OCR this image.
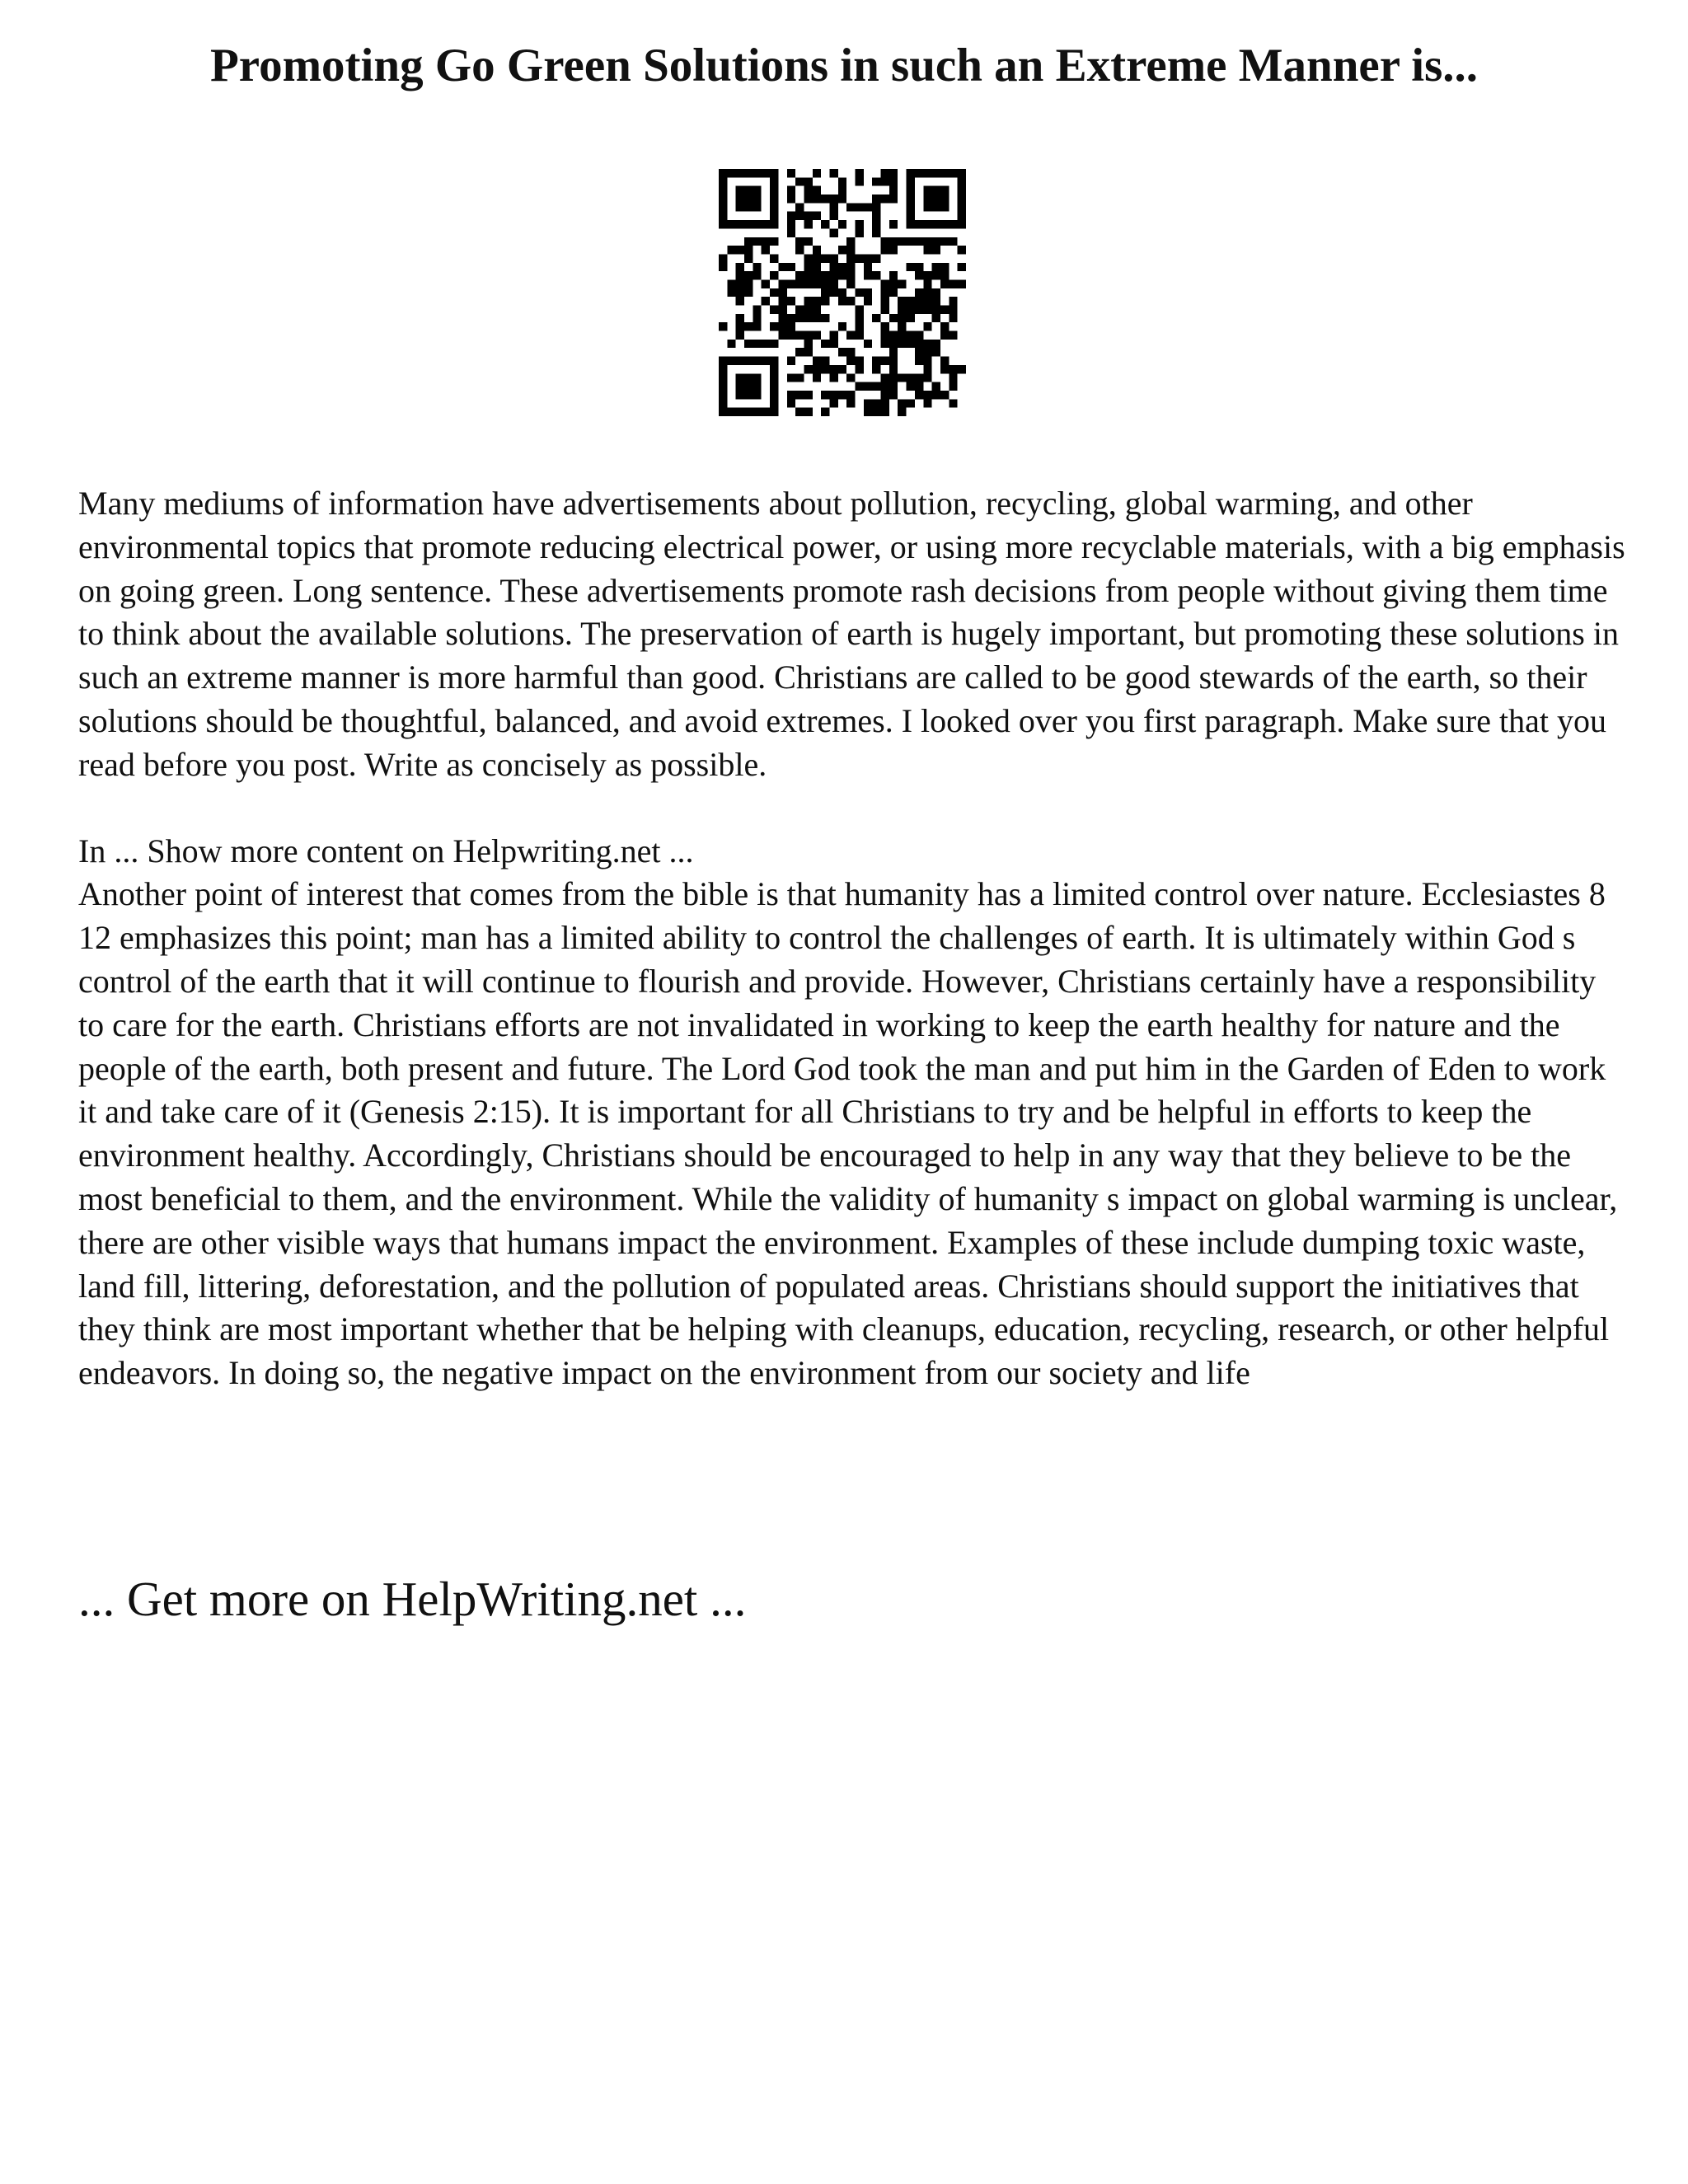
Promoting Go Green Solutions in such an Extreme Manner is...

Many mediums of information have advertisements about pollution, recycling, global warming, and other environmental topics that promote reducing electrical power, or using more recyclable materials, with a big emphasis on going green. Long sentence. These advertisements promote rash decisions from people without giving them time to think about the available solutions. The preservation of earth is hugely important, but promoting these solutions in such an extreme manner is more harmful than good. Christians are called to be good stewards of the earth, so their solutions should be thoughtful, balanced, and avoid extremes. I looked over you first paragraph. Make sure that you read before you post. Write as concisely as possible.

In ... Show more content on Helpwriting.net ...

Another point of interest that comes from the bible is that humanity has a limited control over nature. Ecclesiastes 8 12 emphasizes this point; man has a limited ability to control the challenges of earth. It is ultimately within God s control of the earth that it will continue to flourish and provide. However, Christians certainly have a responsibility to care for the earth. Christians efforts are not invalidated in working to keep the earth healthy for nature and the people of the earth, both present and future. The Lord God took the man and put him in the Garden of Eden to work it and take care of it (Genesis 2:15). It is important for all Christians to try and be helpful in efforts to keep the environment healthy. Accordingly, Christians should be encouraged to help in any way that they believe to be the most beneficial to them, and the environment. While the validity of humanity s impact on global warming is unclear, there are other visible ways that humans impact the environment. Examples of these include dumping toxic waste, land fill, littering, deforestation, and the pollution of populated areas. Christians should support the initiatives that they think are most important whether that be helping with cleanups, education, recycling, research, or other helpful endeavors. In doing so, the negative impact on the environment from our society and life

... Get more on HelpWriting.net ...
